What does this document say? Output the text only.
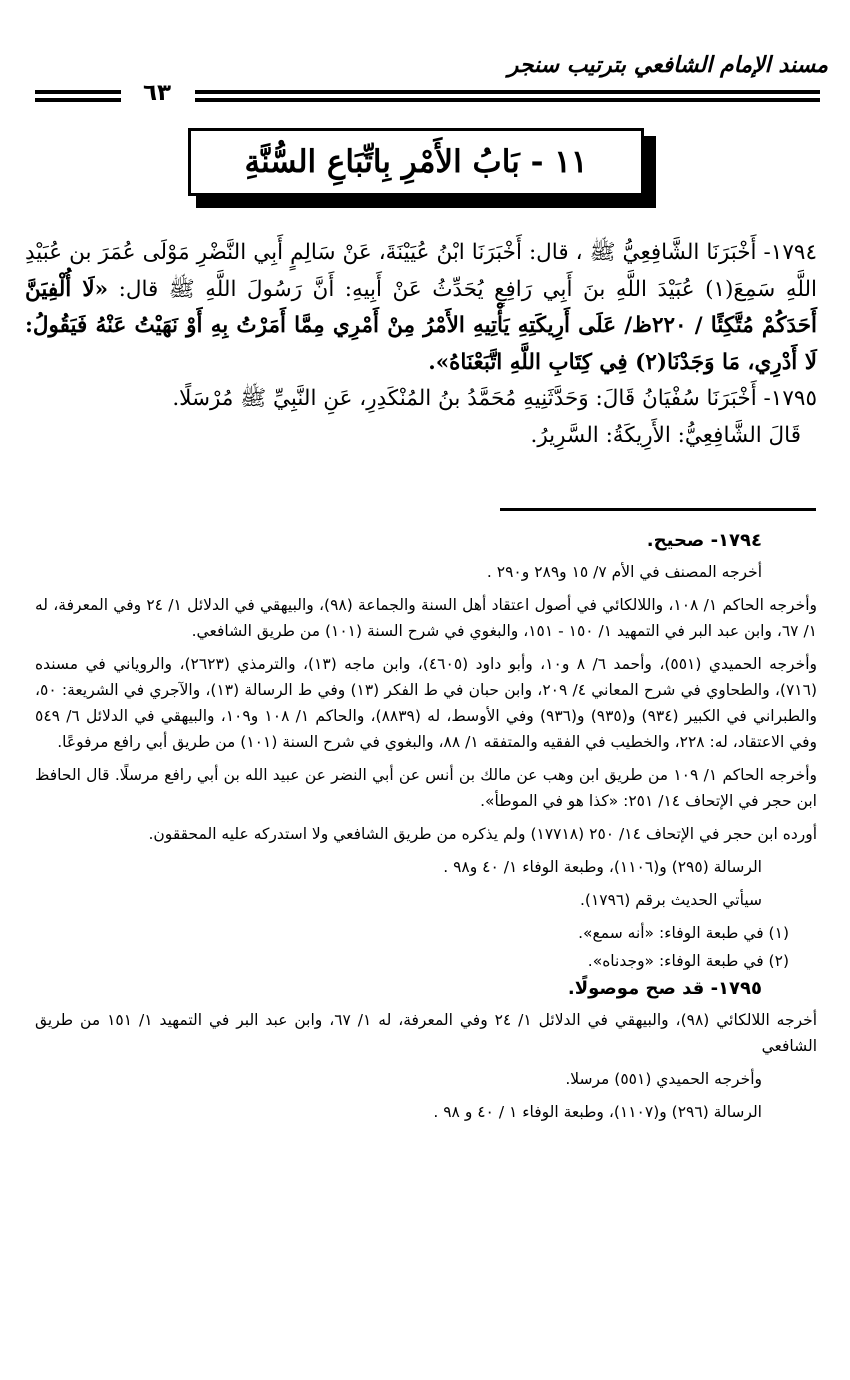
مسند الإمام الشافعي بترتيب سنجر
٦٣
١١ - بَابُ الأَمْرِ بِاتِّبَاعِ السُّنَّةِ

١٧٩٤- أَخْبَرَنَا الشَّافِعِيُّ ﷺ ، قال: أَخْبَرَنَا ابْنُ عُيَيْنَةَ، عَنْ سَالِمٍ أَبِي النَّضْرِ مَوْلَى عُمَرَ بن عُبَيْدِ اللَّهِ سَمِعَ(١) عُبَيْدَ اللَّهِ بنَ أَبِي رَافِعٍ يُحَدِّثُ عَنْ أَبِيهِ: أَنَّ رَسُولَ اللَّهِ ﷺ قال: «لَا أُلْفِيَنَّ أَحَدَكُمْ مُتَّكِئًا / ٢٢٠ظ/ عَلَى أَرِيكَتِهِ يَأْتِيهِ الأَمْرُ مِنْ أَمْرِي مِمَّا أَمَرْتُ بِهِ أَوْ نَهَيْتُ عَنْهُ فَيَقُولُ: لَا أَدْرِي، مَا وَجَدْنَا(٢) فِي كِتَابِ اللَّهِ اتَّبَعْنَاهُ».

١٧٩٥- أَخْبَرَنَا سُفْيَانُ قَالَ: وَحَدَّثَنِيهِ مُحَمَّدُ بنُ المُنْكَدِرِ، عَنِ النَّبِيِّ ﷺ مُرْسَلًا.

قَالَ الشَّافِعِيُّ: الأَرِيكَةُ: السَّرِيرُ.

١٧٩٤- صحيح.

أخرجه المصنف في الأم ٧/ ١٥ و٢٨٩ و٢٩٠ .

وأخرجه الحاكم ١/ ١٠٨، واللالكائي في أصول اعتقاد أهل السنة والجماعة (٩٨)، والبيهقي في الدلائل ١/ ٢٤ وفي المعرفة، له ١/ ٦٧، وابن عبد البر في التمهيد ١/ ١٥٠ - ١٥١، والبغوي في شرح السنة (١٠١) من طريق الشافعي.

وأخرجه الحميدي (٥٥١)، وأحمد ٦/ ٨ و١٠، وأبو داود (٤٦٠٥)، وابن ماجه (١٣)، والترمذي (٢٦٢٣)، والروياني في مسنده (٧١٦)، والطحاوي في شرح المعاني ٤/ ٢٠٩، وابن حبان في ط الفكر (١٣) وفي ط الرسالة (١٣)، والآجري في الشريعة: ٥٠، والطبراني في الكبير (٩٣٤) و(٩٣٥) و(٩٣٦) وفي الأوسط، له (٨٨٣٩)، والحاكم ١/ ١٠٨ و١٠٩، والبيهقي في الدلائل ٦/ ٥٤٩ وفي الاعتقاد، له: ٢٢٨، والخطيب في الفقيه والمتفقه ١/ ٨٨، والبغوي في شرح السنة (١٠١) من طريق أبي رافع مرفوعًا.

وأخرجه الحاكم ١/ ١٠٩ من طريق ابن وهب عن مالك بن أنس عن أبي النضر عن عبيد الله بن أبي رافع مرسلًا. قال الحافظ ابن حجر في الإتحاف ١٤/ ٢٥١: «كذا هو في الموطأ».

أورده ابن حجر في الإتحاف ١٤/ ٢٥٠ (١٧٧١٨) ولم يذكره من طريق الشافعي ولا استدركه عليه المحققون.

الرسالة (٢٩٥) و(١١٠٦)، وطبعة الوفاء ١/ ٤٠ و٩٨ .

سيأتي الحديث برقم (١٧٩٦).

(١) في طبعة الوفاء: «أنه سمع».

(٢) في طبعة الوفاء: «وجدناه».

١٧٩٥- قد صح موصولًا.

أخرجه اللالكائي (٩٨)، والبيهقي في الدلائل ١/ ٢٤ وفي المعرفة، له ١/ ٦٧، وابن عبد البر في التمهيد ١/ ١٥١ من طريق الشافعي

وأخرجه الحميدي (٥٥١) مرسلا.

الرسالة (٢٩٦) و(١١٠٧)، وطبعة الوفاء ١ / ٤٠ و ٩٨ .
